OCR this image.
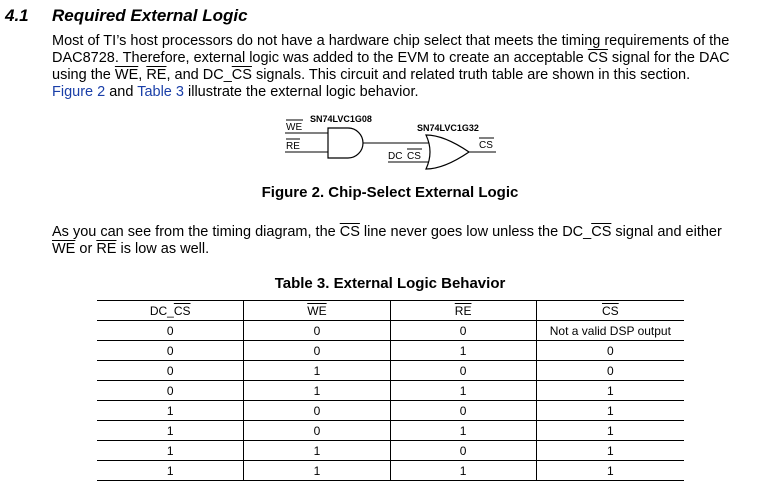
4.1 Required External Logic
Most of TI’s host processors do not have a hardware chip select that meets the timing requirements of the
DAC8728. Therefore, external logic was added to the EVM to create an acceptable $\overline{CS}$ signal for the DAC
using the $\overline{WE}$, $\overline{RE}$, and $DC\_\overline{CS}$ signals. This circuit and related truth table are shown in this section.
Figure 2 and Table 3 illustrate the external logic behavior.
SN74LVC1G08
SN74LVC1G32
WE
RE
DC CS
CS
Figure 2. Chip-Select External Logic
As you can see from the timing diagram, the $\overline{CS}$ line never goes low unless the $DC\_\overline{CS}$ signal and either
$\overline{WE}$ or $\overline{RE}$ is low as well.
Table 3. External Logic Behavior
$DC\_\overline{CS}$	$\overline{WE}$	$\overline{RE}$	$\overline{CS}$
0	0	0	Not a valid DSP output
0	0	1	0
0	1	0	0
0	1	1	1
1	0	0	1
1	0	1	1
1	1	0	1
1	1	1	1
